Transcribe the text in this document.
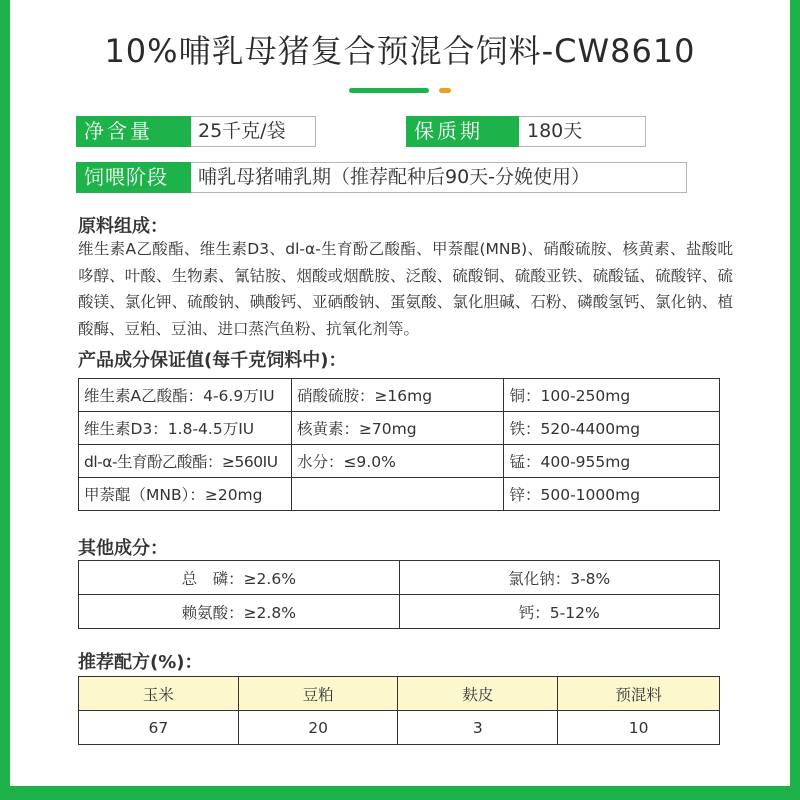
10%哺乳母猪复合预混合饲料-CW8610
净含量	25千克/袋	保质期	180天
饲喂阶段	哺乳母猪哺乳期（推荐配种后90天-分娩使用）
原料组成：
维生素A乙酸酯、维生素D3、dl-α-生育酚乙酸酯、甲萘醌(MNB)、硝酸硫胺、核黄素、盐酸吡哆醇、叶酸、生物素、氰钴胺、烟酸或烟酰胺、泛酸、硫酸铜、硫酸亚铁、硫酸锰、硫酸锌、硫酸镁、氯化钾、硫酸钠、碘酸钙、亚硒酸钠、蛋氨酸、氯化胆碱、石粉、磷酸氢钙、氯化钠、植酸酶、豆粕、豆油、进口蒸汽鱼粉、抗氧化剂等。
产品成分保证值(每千克饲料中)：
维生素A乙酸酯：4-6.9万IU	硝酸硫胺：≥16mg	铜：100-250mg
维生素D3：1.8-4.5万IU	核黄素：≥70mg	铁：520-4400mg
dl-α-生育酚乙酸酯：≥560IU	水分：≤9.0%	锰：400-955mg
甲萘醌（MNB）：≥20mg		锌：500-1000mg
其他成分：
总　磷：≥2.6%	氯化钠：3-8%
赖氨酸：≥2.8%	钙：5-12%
推荐配方(%)：
玉米	豆粕	麸皮	预混料
67	20	3	10
